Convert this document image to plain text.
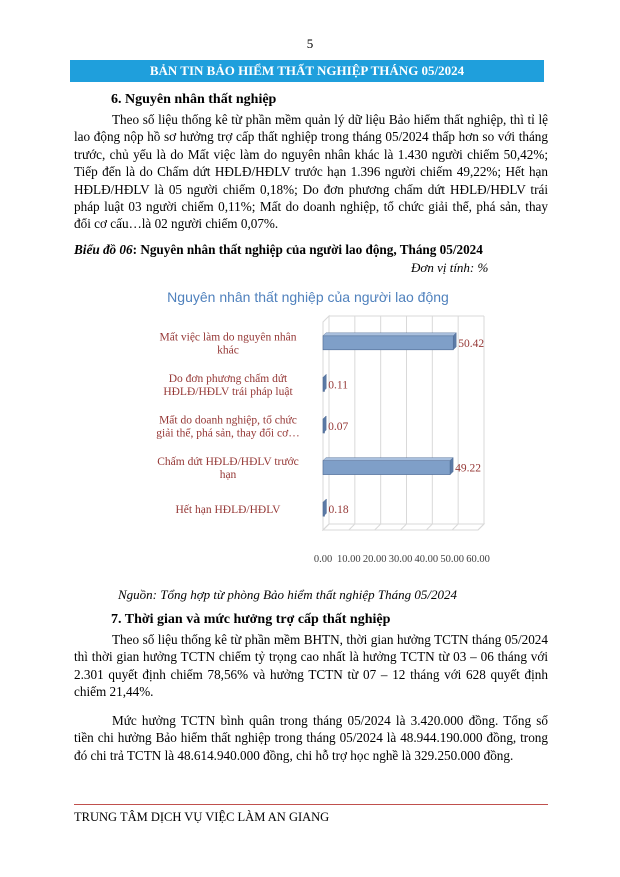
5
BẢN TIN BẢO HIỂM THẤT NGHIỆP THÁNG 05/2024
6. Nguyên nhân thất nghiệp
Theo số liệu thống kê từ phần mềm quản lý dữ liệu Bảo hiểm thất nghiệp, thì tỉ lệ lao động nộp hồ sơ hưởng trợ cấp thất nghiệp trong tháng 05/2024 thấp hơn so với tháng trước, chủ yếu là do Mất việc làm do nguyên nhân khác là 1.430 người chiếm 50,42%; Tiếp đến là do Chấm dứt HĐLĐ/HĐLV trước hạn 1.396 người chiếm 49,22%; Hết hạn HĐLĐ/HĐLV là 05 người chiếm 0,18%; Do đơn phương chấm dứt HĐLĐ/HĐLV trái pháp luật 03 người chiếm 0,11%; Mất do doanh nghiệp, tổ chức giải thể, phá sản, thay đổi cơ cấu…là 02 người chiếm 0,07%.
Biểu đồ 06: Nguyên nhân thất nghiệp của người lao động, Tháng 05/2024
Đơn vị tính: %
Nguyên nhân thất nghiệp của người lao động
0.00 10.00 20.00 30.00 40.00 50.00 60.00
50.42
Mất việc làm do nguyên nhân khác
0.11
Do đơn phương chấm dứt HĐLĐ/HĐLV trái pháp luật
0.07
Mất do doanh nghiệp, tổ chức giải thể, phá sản, thay đổi cơ…
49.22
Chấm dứt HĐLĐ/HĐLV trước hạn
0.18
Hết hạn HĐLĐ/HĐLV
Nguồn: Tổng hợp từ phòng Bảo hiểm thất nghiệp Tháng 05/2024
7. Thời gian và mức hưởng trợ cấp thất nghiệp
Theo số liệu thống kê từ phần mềm BHTN, thời gian hưởng TCTN tháng 05/2024 thì thời gian hưởng TCTN chiếm tỷ trọng cao nhất là hưởng TCTN từ 03 – 06 tháng với 2.301 quyết định chiếm 78,56% và hưởng TCTN từ 07 – 12 tháng với 628 quyết định chiếm 21,44%.
Mức hưởng TCTN bình quân trong tháng 05/2024 là 3.420.000 đồng. Tổng số tiền chi hưởng Bảo hiểm thất nghiệp trong tháng 05/2024 là 48.944.190.000 đồng, trong đó chi trả TCTN là 48.614.940.000 đồng, chi hỗ trợ học nghề là 329.250.000 đồng.
TRUNG TÂM DỊCH VỤ VIỆC LÀM AN GIANG
